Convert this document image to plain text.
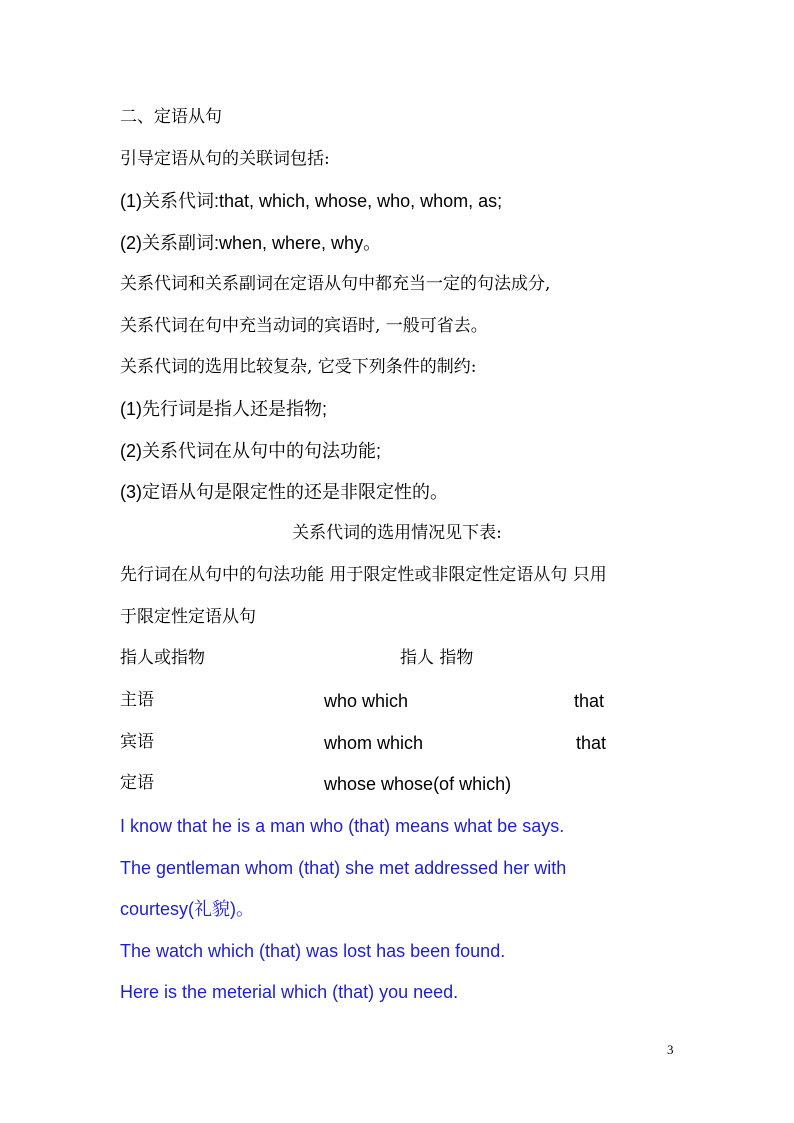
二、定语从句
引导定语从句的关联词包括:
(1)关系代词:that, which, whose, who, whom, as;
(2)关系副词:when, where, why。
关系代词和关系副词在定语从句中都充当一定的句法成分,
关系代词在句中充当动词的宾语时, 一般可省去。
关系代词的选用比较复杂, 它受下列条件的制约:
(1)先行词是指人还是指物;
(2)关系代词在从句中的句法功能;
(3)定语从句是限定性的还是非限定性的。
关系代词的选用情况见下表:
先行词在从句中的句法功能 用于限定性或非限定性定语从句 只用
于限定性定语从句
指人或指物	指人 指物
主语	who which	that
宾语	whom which	that
定语	whose whose(of which)
I know that he is a man who (that) means what be says.
The gentleman whom (that) she met addressed her with
courtesy(礼貌)。
The watch which (that) was lost has been found.
Here is the meterial which (that) you need.
3
